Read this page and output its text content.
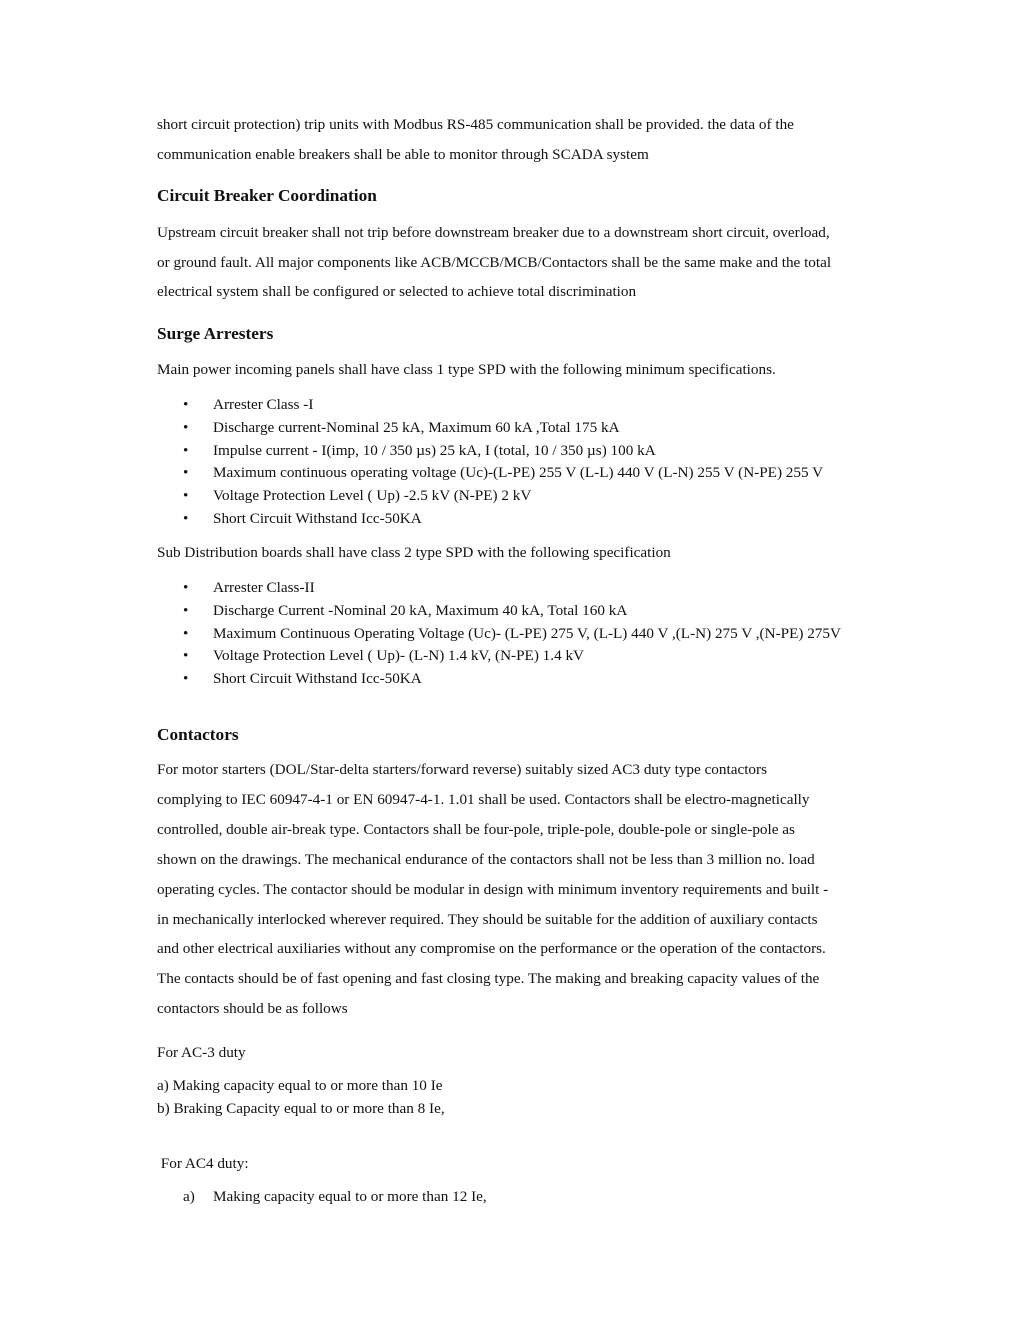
short circuit protection) trip units with Modbus RS-485 communication shall be provided. the data of the
communication enable breakers shall be able to monitor through SCADA system
Circuit Breaker Coordination
Upstream circuit breaker shall not trip before downstream breaker due to a downstream short circuit, overload,
or ground fault. All major components like ACB/MCCB/MCB/Contactors shall be the same make and the total
electrical system shall be configured or selected to achieve total discrimination
Surge Arresters
Main power incoming panels shall have class 1 type SPD with the following minimum specifications.
• Arrester Class -I
• Discharge current-Nominal 25 kA, Maximum 60 kA ,Total 175 kA
• Impulse current - I(imp, 10 / 350 µs) 25 kA, I (total, 10 / 350 µs) 100 kA
• Maximum continuous operating voltage (Uc)-(L-PE) 255 V (L-L) 440 V (L-N) 255 V (N-PE) 255 V
• Voltage Protection Level ( Up) -2.5 kV (N-PE) 2 kV
• Short Circuit Withstand Icc-50KA
Sub Distribution boards shall have class 2 type SPD with the following specification
• Arrester Class-II
• Discharge Current -Nominal 20 kA, Maximum 40 kA, Total 160 kA
• Maximum Continuous Operating Voltage (Uc)- (L-PE) 275 V, (L-L) 440 V ,(L-N) 275 V ,(N-PE) 275V
• Voltage Protection Level ( Up)- (L-N) 1.4 kV, (N-PE) 1.4 kV
• Short Circuit Withstand Icc-50KA
Contactors
For motor starters (DOL/Star-delta starters/forward reverse) suitably sized AC3 duty type contactors
complying to IEC 60947-4-1 or EN 60947-4-1. 1.01 shall be used. Contactors shall be electro-magnetically
controlled, double air-break type. Contactors shall be four-pole, triple-pole, double-pole or single-pole as
shown on the drawings. The mechanical endurance of the contactors shall not be less than 3 million no. load
operating cycles. The contactor should be modular in design with minimum inventory requirements and built -
in mechanically interlocked wherever required. They should be suitable for the addition of auxiliary contacts
and other electrical auxiliaries without any compromise on the performance or the operation of the contactors.
The contacts should be of fast opening and fast closing type. The making and breaking capacity values of the
contactors should be as follows
For AC-3 duty
a) Making capacity equal to or more than 10 Ie
b) Braking Capacity equal to or more than 8 Ie,
For AC4 duty:
a) Making capacity equal to or more than 12 Ie,
